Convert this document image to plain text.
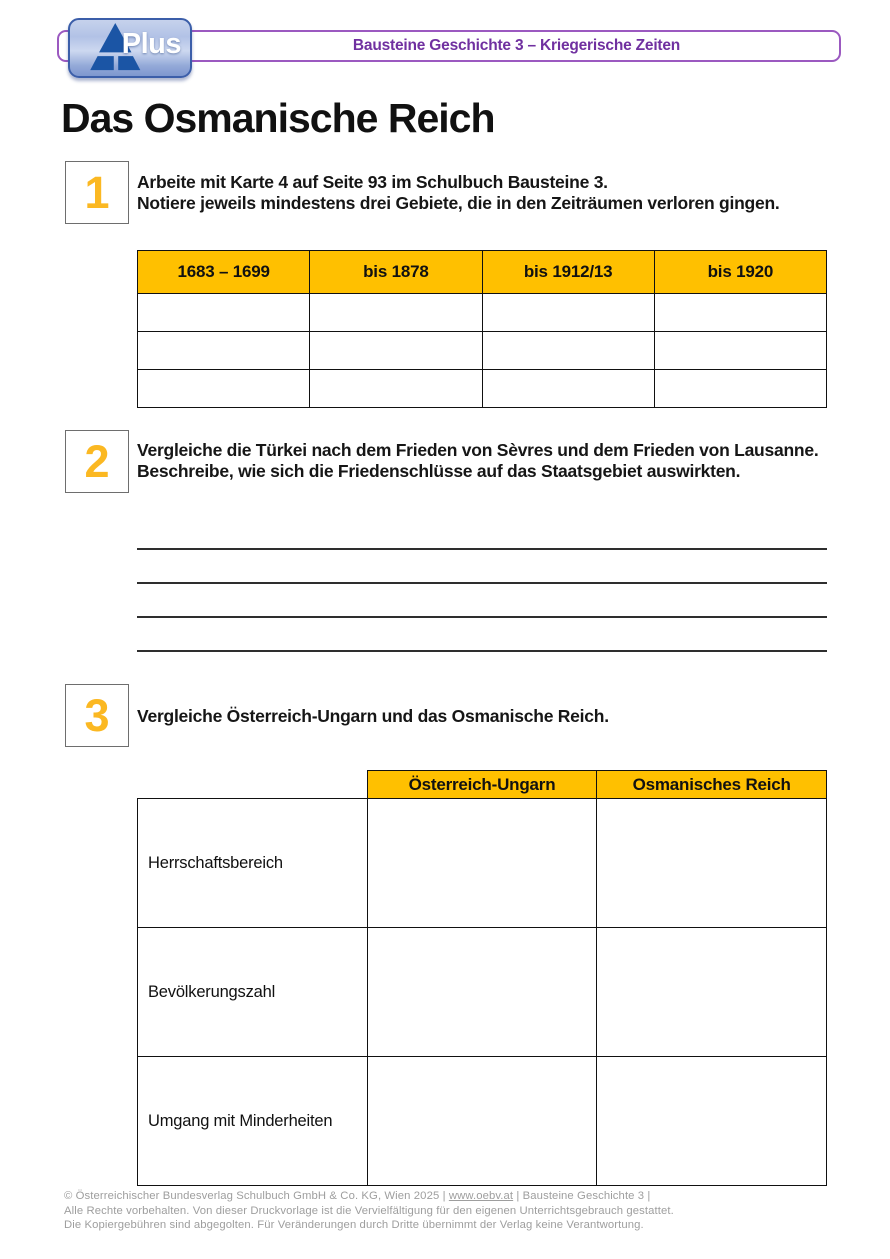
Bausteine Geschichte 3 – Kriegerische Zeiten
Plus
Das Osmanische Reich
1 Arbeite mit Karte 4 auf Seite 93 im Schulbuch Bausteine 3.
Notiere jeweils mindestens drei Gebiete, die in den Zeiträumen verloren gingen.
1683 – 1699	bis 1878	bis 1912/13	bis 1920

2 Vergleiche die Türkei nach dem Frieden von Sèvres und dem Frieden von Lausanne.
Beschreibe, wie sich die Friedenschlüsse auf das Staatsgebiet auswirkten.
3 Vergleiche Österreich-Ungarn und das Osmanische Reich.
	Österreich-Ungarn	Osmanisches Reich
Herrschaftsbereich		
Bevölkerungszahl		
Umgang mit Minderheiten		
© Österreichischer Bundesverlag Schulbuch GmbH & Co. KG, Wien 2025 | www.oebv.at | Bausteine Geschichte 3 |
Alle Rechte vorbehalten. Von dieser Druckvorlage ist die Vervielfältigung für den eigenen Unterrichtsgebrauch gestattet.
Die Kopiergebühren sind abgegolten. Für Veränderungen durch Dritte übernimmt der Verlag keine Verantwortung.
